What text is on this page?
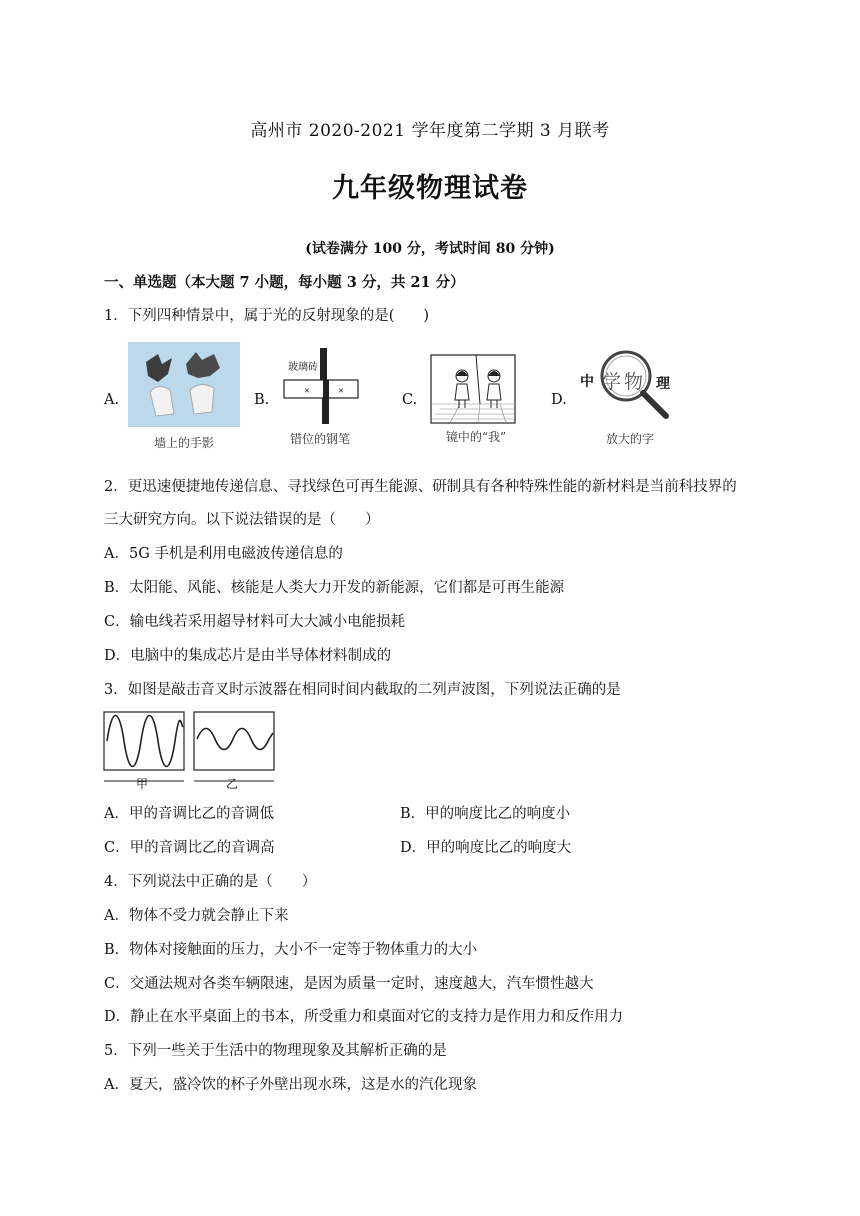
高州市 2020-2021 学年度第二学期 3 月联考
九年级物理试卷
(试卷满分 100 分，考试时间 80 分钟)
一、单选题（本大题 7 小题，每小题 3 分，共 21 分）
1．下列四种情景中，属于光的反射现象的是(　　)
A.
墙上的手影
B.
✕	✕
玻璃砖
错位的钢笔
C.
镜中的“我”
D.
中 学 物 理
放大的字
2．更迅速便捷地传递信息、寻找绿色可再生能源、研制具有各种特殊性能的新材料是当前科技界的
三大研究方向。以下说法错误的是（　　）
A．5G 手机是利用电磁波传递信息的
B．太阳能、风能、核能是人类大力开发的新能源，它们都是可再生能源
C．输电线若采用超导材料可大大减小电能损耗
D．电脑中的集成芯片是由半导体材料制成的
3．如图是敲击音叉时示波器在相同时间内截取的二列声波图，下列说法正确的是
甲	乙
A．甲的音调比乙的音调低	B．甲的响度比乙的响度小
C．甲的音调比乙的音调高	D．甲的响度比乙的响度大
4．下列说法中正确的是（　　）
A．物体不受力就会静止下来
B．物体对接触面的压力，大小不一定等于物体重力的大小
C．交通法规对各类车辆限速，是因为质量一定时，速度越大，汽车惯性越大
D．静止在水平桌面上的书本，所受重力和桌面对它的支持力是作用力和反作用力
5．下列一些关于生活中的物理现象及其解析正确的是
A．夏天，盛冷饮的杯子外壁出现水珠，这是水的汽化现象
